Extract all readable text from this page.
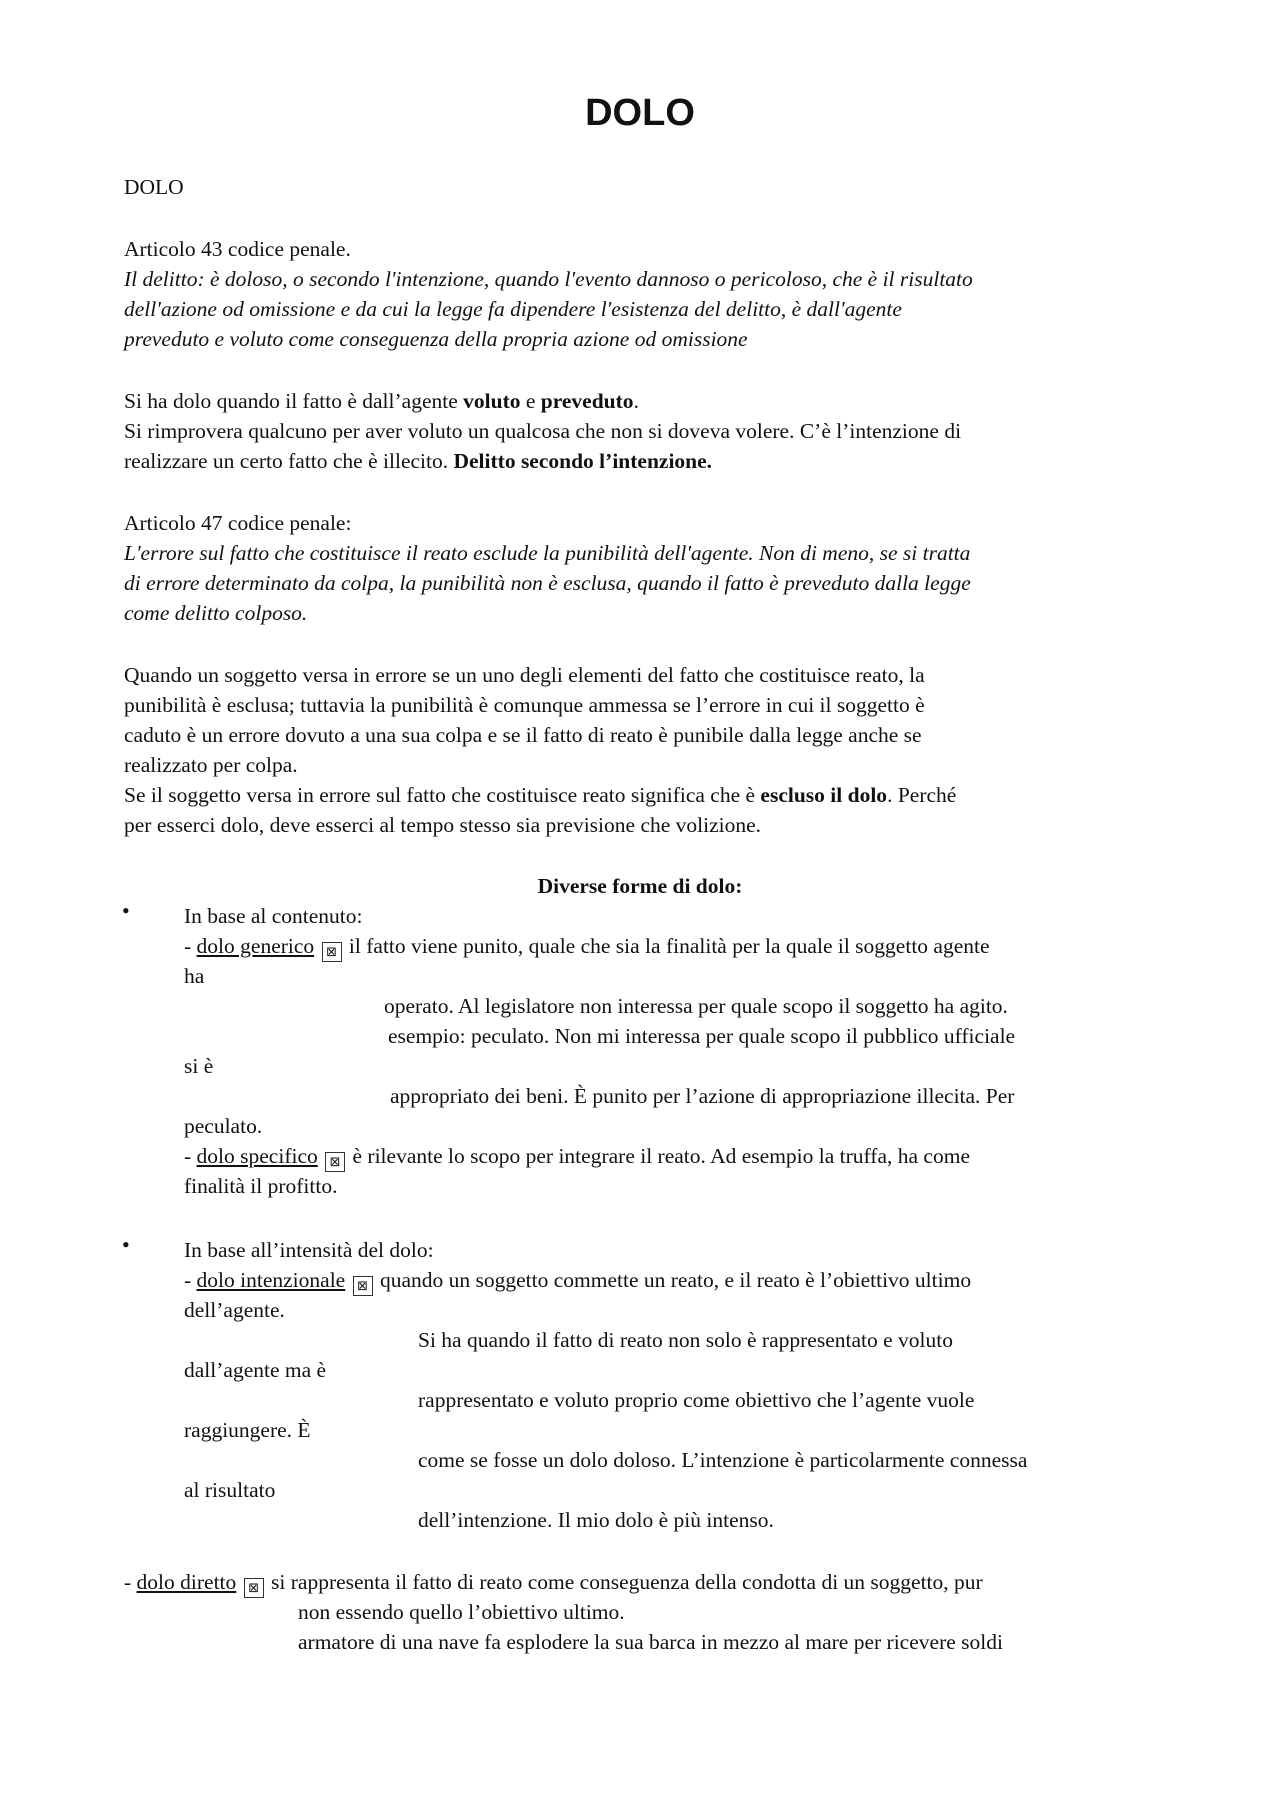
DOLO

DOLO

Articolo 43 codice penale.

Il delitto: è doloso, o secondo l'intenzione, quando l'evento dannoso o pericoloso, che è il risultato

dell'azione od omissione e da cui la legge fa dipendere l'esistenza del delitto, è dall'agente

preveduto e voluto come conseguenza della propria azione od omissione

Si ha dolo quando il fatto è dall’agente voluto e preveduto.

Si rimprovera qualcuno per aver voluto un qualcosa che non si doveva volere. C’è l’intenzione di

realizzare un certo fatto che è illecito. Delitto secondo l’intenzione.

Articolo 47 codice penale:

L'errore sul fatto che costituisce il reato esclude la punibilità dell'agente. Non di meno, se si tratta

di errore determinato da colpa, la punibilità non è esclusa, quando il fatto è preveduto dalla legge

come delitto colposo.

Quando un soggetto versa in errore se un uno degli elementi del fatto che costituisce reato, la

punibilità è esclusa; tuttavia la punibilità è comunque ammessa se l’errore in cui il soggetto è

caduto è un errore dovuto a una sua colpa e se il fatto di reato è punibile dalla legge anche se

realizzato per colpa.

Se il soggetto versa in errore sul fatto che costituisce reato significa che è escluso il dolo. Perché

per esserci dolo, deve esserci al tempo stesso sia previsione che volizione.

Diverse forme di dolo:

•	In base al contenuto:

- dolo generico ⊠ il fatto viene punito, quale che sia la finalità per la quale il soggetto agente

ha

operato. Al legislatore non interessa per quale scopo il soggetto ha agito.

esempio: peculato. Non mi interessa per quale scopo il pubblico ufficiale

si è

appropriato dei beni. È punito per l’azione di appropriazione illecita. Per

peculato.

- dolo specifico ⊠ è rilevante lo scopo per integrare il reato. Ad esempio la truffa, ha come

finalità il profitto.

•	In base all’intensità del dolo:

- dolo intenzionale ⊠ quando un soggetto commette un reato, e il reato è l’obiettivo ultimo

dell’agente.

Si ha quando il fatto di reato non solo è rappresentato e voluto

dall’agente ma è

rappresentato e voluto proprio come obiettivo che l’agente vuole

raggiungere. È

come se fosse un dolo doloso. L’intenzione è particolarmente connessa

al risultato

dell’intenzione. Il mio dolo è più intenso.

- dolo diretto ⊠ si rappresenta il fatto di reato come conseguenza della condotta di un soggetto, pur

non essendo quello l’obiettivo ultimo.

armatore di una nave fa esplodere la sua barca in mezzo al mare per ricevere soldi
